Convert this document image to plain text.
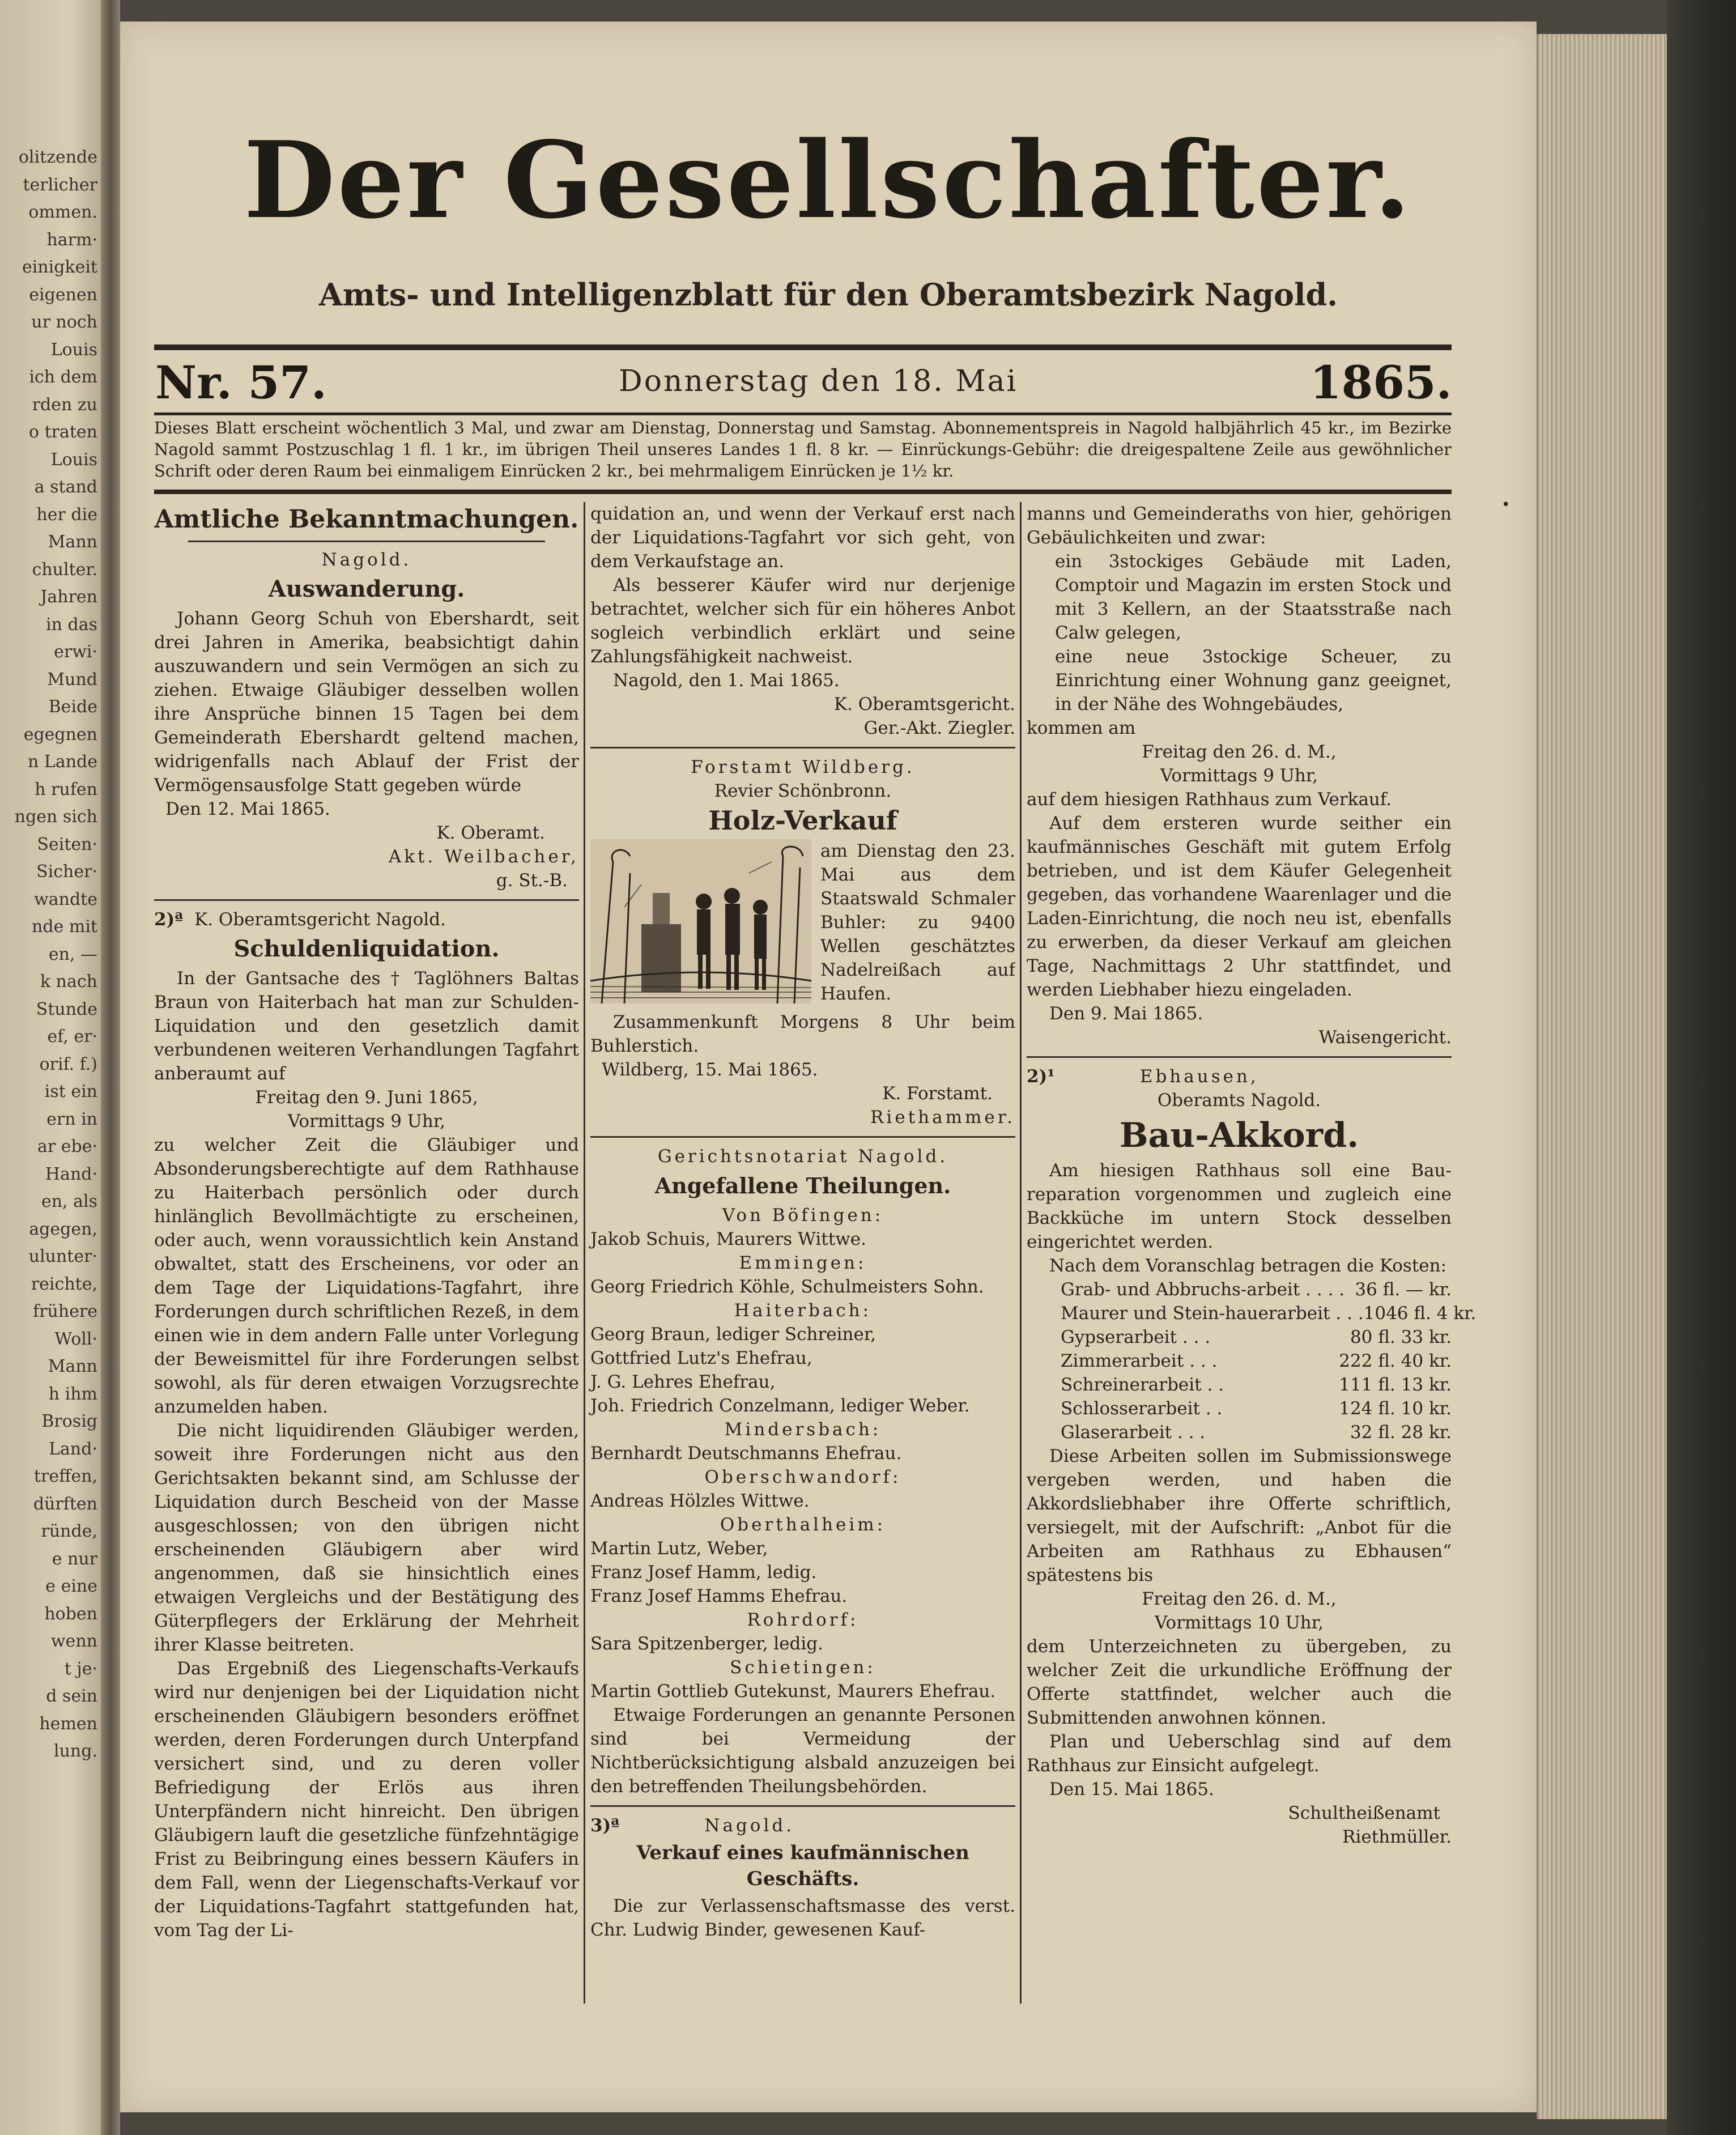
olitzende
terlicher
ommen.
harm·
einigkeit
eigenen
ur noch
Louis
ich dem
rden zu
o traten
Louis
a stand
her die
Mann
chulter.
Jahren
in das
erwi·
Mund
Beide
egegnen
n Lande
h rufen
ngen sich
Seiten·
Sicher·
wandte
nde mit
en, —
k nach
Stunde
ef, er·
orif. f.)
ist ein
ern in
ar ebe·
Hand·
en, als
agegen,
ulunter·
reichte,
frühere
Woll·
Mann
h ihm
Brosig
Land·
treffen,
dürften
ründe,
e nur
e eine
hoben
wenn
t je·
d sein
hemen
lung.
Der Gesellschafter.
Amts- und Intelligenzblatt für den Oberamtsbezirk Nagold.
Nr. 57.	Donnerstag den 18. Mai	1865.
Dieses Blatt erscheint wöchentlich 3 Mal, und zwar am Dienstag, Donnerstag und Samstag. Abonnementspreis in Nagold halbjährlich 45 kr., im Bezirke Nagold sammt Postzuschlag 1 fl. 1 kr., im übrigen Theil unseres Landes 1 fl. 8 kr. — Einrückungs-Gebühr: die dreigespaltene Zeile aus gewöhnlicher Schrift oder deren Raum bei einmaligem Einrücken 2 kr., bei mehrmaligem Einrücken je 1½ kr.
•
Amtliche Bekanntmachungen.
Nagold.
Auswanderung.

Johann Georg Schuh von Ebershardt, seit drei Jahren in Amerika, beabsichtigt dahin auszuwandern und sein Vermögen an sich zu ziehen. Etwaige Gläubiger desselben wollen ihre Ansprüche binnen 15 Tagen bei dem Gemeinderath Ebershardt geltend machen, widrigenfalls nach Ablauf der Frist der Vermögensausfolge Statt gegeben würde

Den 12. Mai 1865.

K. Oberamt.

Akt. Weilbacher,

g. St.-B.

2)ª K. Oberamtsgericht Nagold.

Schuldenliquidation.

In der Gantsache des † Taglöhners Baltas Braun von Haiterbach hat man zur Schulden-Liquidation und den gesetzlich damit verbundenen weiteren Verhandlungen Tagfahrt anberaumt auf

Freitag den 9. Juni 1865,

Vormittags 9 Uhr,

zu welcher Zeit die Gläubiger und Absonderungsberechtigte auf dem Rathhause zu Haiterbach persönlich oder durch hinlänglich Bevollmächtigte zu erscheinen, oder auch, wenn voraussichtlich kein Anstand obwaltet, statt des Erscheinens, vor oder an dem Tage der Liquidations-Tagfahrt, ihre Forderungen durch schriftlichen Rezeß, in dem einen wie in dem andern Falle unter Vorlegung der Beweismittel für ihre Forderungen selbst sowohl, als für deren etwaigen Vorzugsrechte anzumelden haben.

Die nicht liquidirenden Gläubiger werden, soweit ihre Forderungen nicht aus den Gerichtsakten bekannt sind, am Schlusse der Liquidation durch Bescheid von der Masse ausgeschlossen; von den übrigen nicht erscheinenden Gläubigern aber wird angenommen, daß sie hinsichtlich eines etwaigen Vergleichs und der Bestätigung des Güterpflegers der Erklärung der Mehrheit ihrer Klasse beitreten.

Das Ergebniß des Liegenschafts-Verkaufs wird nur denjenigen bei der Liquidation nicht erscheinenden Gläubigern besonders eröffnet werden, deren Forderungen durch Unterpfand versichert sind, und zu deren voller Befriedigung der Erlös aus ihren Unterpfändern nicht hinreicht. Den übrigen Gläubigern lauft die gesetzliche fünfzehntägige Frist zu Beibringung eines bessern Käufers in dem Fall, wenn der Liegenschafts-Verkauf vor der Liquidations-Tagfahrt stattgefunden hat, vom Tag der Li-

quidation an, und wenn der Verkauf erst nach der Liquidations-Tagfahrt vor sich geht, von dem Verkaufstage an.

Als besserer Käufer wird nur derjenige betrachtet, welcher sich für ein höheres Anbot sogleich verbindlich erklärt und seine Zahlungsfähigkeit nachweist.

Nagold, den 1. Mai 1865.

K. Oberamtsgericht.

Ger.-Akt. Ziegler.

Forstamt Wildberg.

Revier Schönbronn.

Holz-Verkauf

am Dienstag den 23. Mai aus dem Staatswald Schmaler Buhler: zu 9400 Wellen geschätztes Nadelreißach auf Haufen.

Zusammenkunft Morgens 8 Uhr beim Buhlerstich.

Wildberg, 15. Mai 1865.

K. Forstamt.

Riethammer.

Gerichtsnotariat Nagold.

Angefallene Theilungen.

Von Böfingen:

Jakob Schuis, Maurers Wittwe.

Emmingen:

Georg Friedrich Köhle, Schulmeisters Sohn.

Haiterbach:

Georg Braun, lediger Schreiner,

Gottfried Lutz's Ehefrau,

J. G. Lehres Ehefrau,

Joh. Friedrich Conzelmann, lediger Weber.

Mindersbach:

Bernhardt Deutschmanns Ehefrau.

Oberschwandorf:

Andreas Hölzles Wittwe.

Oberthalheim:

Martin Lutz, Weber,

Franz Josef Hamm, ledig.

Franz Josef Hamms Ehefrau.

Rohrdorf:

Sara Spitzenberger, ledig.

Schietingen:

Martin Gottlieb Gutekunst, Maurers Ehefrau.

Etwaige Forderungen an genannte Personen sind bei Vermeidung der Nichtberücksichtigung alsbald anzuzeigen bei den betreffenden Theilungsbehörden.

3)ª	Nagold.

Verkauf eines kaufmännischen Geschäfts.

Die zur Verlassenschaftsmasse des verst. Chr. Ludwig Binder, gewesenen Kauf-

manns und Gemeinderaths von hier, gehörigen Gebäulichkeiten und zwar:

ein 3stockiges Gebäude mit Laden, Comptoir und Magazin im ersten Stock und mit 3 Kellern, an der Staatsstraße nach Calw gelegen,

eine neue 3stockige Scheuer, zu Einrichtung einer Wohnung ganz geeignet, in der Nähe des Wohngebäudes,

kommen am

Freitag den 26. d. M.,

Vormittags 9 Uhr,

auf dem hiesigen Rathhaus zum Verkauf.

Auf dem ersteren wurde seither ein kaufmännisches Geschäft mit gutem Erfolg betrieben, und ist dem Käufer Gelegenheit gegeben, das vorhandene Waarenlager und die Laden-Einrichtung, die noch neu ist, ebenfalls zu erwerben, da dieser Verkauf am gleichen Tage, Nachmittags 2 Uhr stattfindet, und werden Liebhaber hiezu eingeladen.

Den 9. Mai 1865.

Waisengericht.

2)¹	Ebhausen,

Oberamts Nagold.

Bau-Akkord.

Am hiesigen Rathhaus soll eine Bau-reparation vorgenommen und zugleich eine Backküche im untern Stock desselben eingerichtet werden.

Nach dem Voranschlag betragen die Kosten:

Grab- und Abbruchs-arbeit . . . . 36 fl. — kr.
Maurer und Stein-hauerarbeit . . . 1046 fl. 4 kr.
Gypserarbeit . . .	80 fl. 33 kr.
Zimmerarbeit . . .	222 fl. 40 kr.
Schreinerarbeit . .	111 fl. 13 kr.
Schlosserarbeit . .	124 fl. 10 kr.
Glaserarbeit . . .	32 fl. 28 kr.

Diese Arbeiten sollen im Submissionswege vergeben werden, und haben die Akkordsliebhaber ihre Offerte schriftlich, versiegelt, mit der Aufschrift: „Anbot für die Arbeiten am Rathhaus zu Ebhausen“ spätestens bis

Freitag den 26. d. M.,

Vormittags 10 Uhr,

dem Unterzeichneten zu übergeben, zu welcher Zeit die urkundliche Eröffnung der Offerte stattfindet, welcher auch die Submittenden anwohnen können.

Plan und Ueberschlag sind auf dem Rathhaus zur Einsicht aufgelegt.

Den 15. Mai 1865.

Schultheißenamt

Riethmüller.
